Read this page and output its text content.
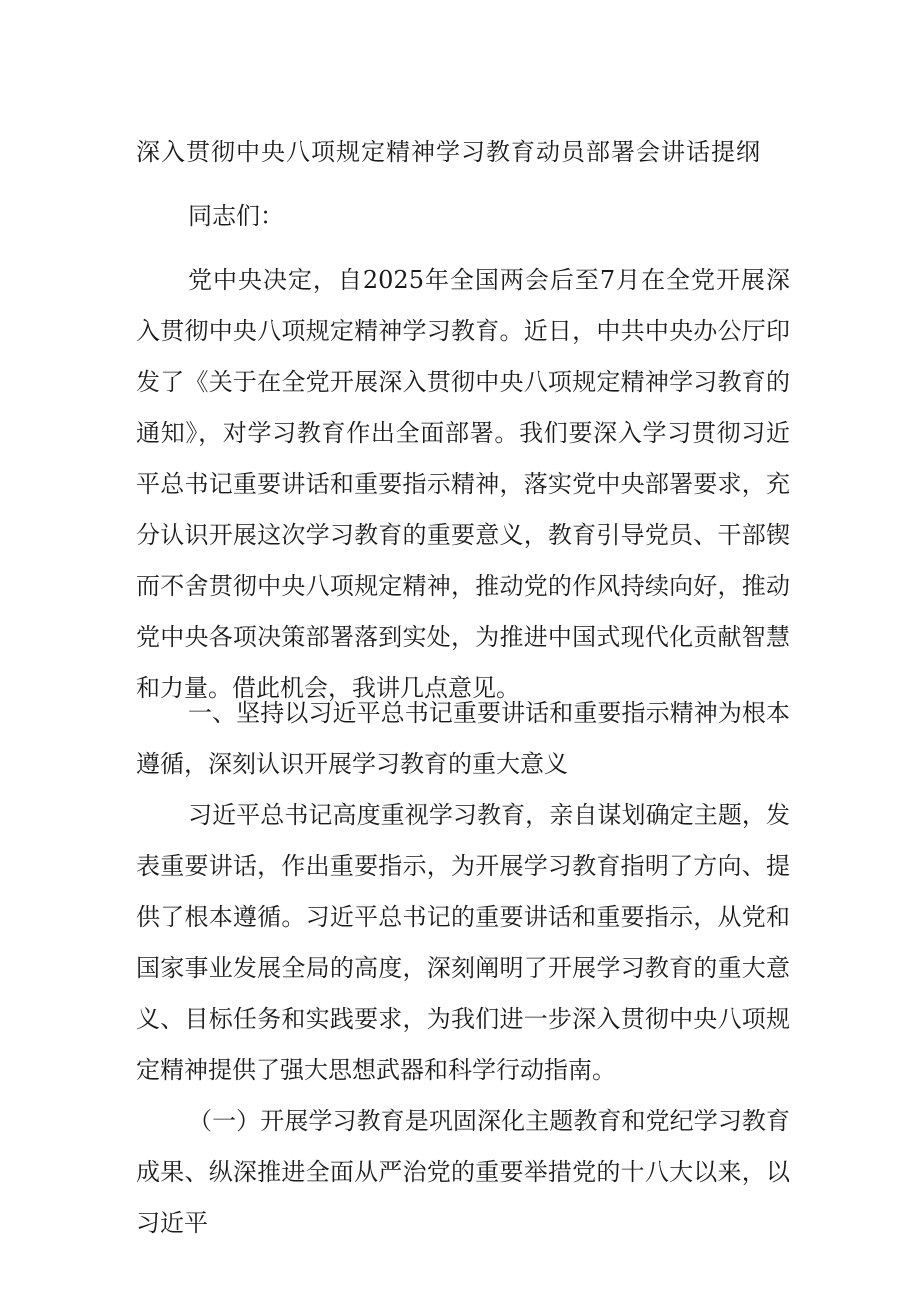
深入贯彻中央八项规定精神学习教育动员部署会讲话提纲
同志们：
党中央决定，自2025年全国两会后至7月在全党开展深入贯彻中央八项规定精神学习教育。近日，中共中央办公厅印发了《关于在全党开展深入贯彻中央八项规定精神学习教育的通知》，对学习教育作出全面部署。我们要深入学习贯彻习近平总书记重要讲话和重要指示精神，落实党中央部署要求，充分认识开展这次学习教育的重要意义，教育引导党员、干部锲而不舍贯彻中央八项规定精神，推动党的作风持续向好，推动党中央各项决策部署落到实处，为推进中国式现代化贡献智慧和力量。借此机会，我讲几点意见。
一、坚持以习近平总书记重要讲话和重要指示精神为根本遵循，深刻认识开展学习教育的重大意义
习近平总书记高度重视学习教育，亲自谋划确定主题，发表重要讲话，作出重要指示，为开展学习教育指明了方向、提供了根本遵循。习近平总书记的重要讲话和重要指示，从党和国家事业发展全局的高度，深刻阐明了开展学习教育的重大意义、目标任务和实践要求，为我们进一步深入贯彻中央八项规定精神提供了强大思想武器和科学行动指南。
（一）开展学习教育是巩固深化主题教育和党纪学习教育成果、纵深推进全面从严治党的重要举措党的十八大以来，以习近平
